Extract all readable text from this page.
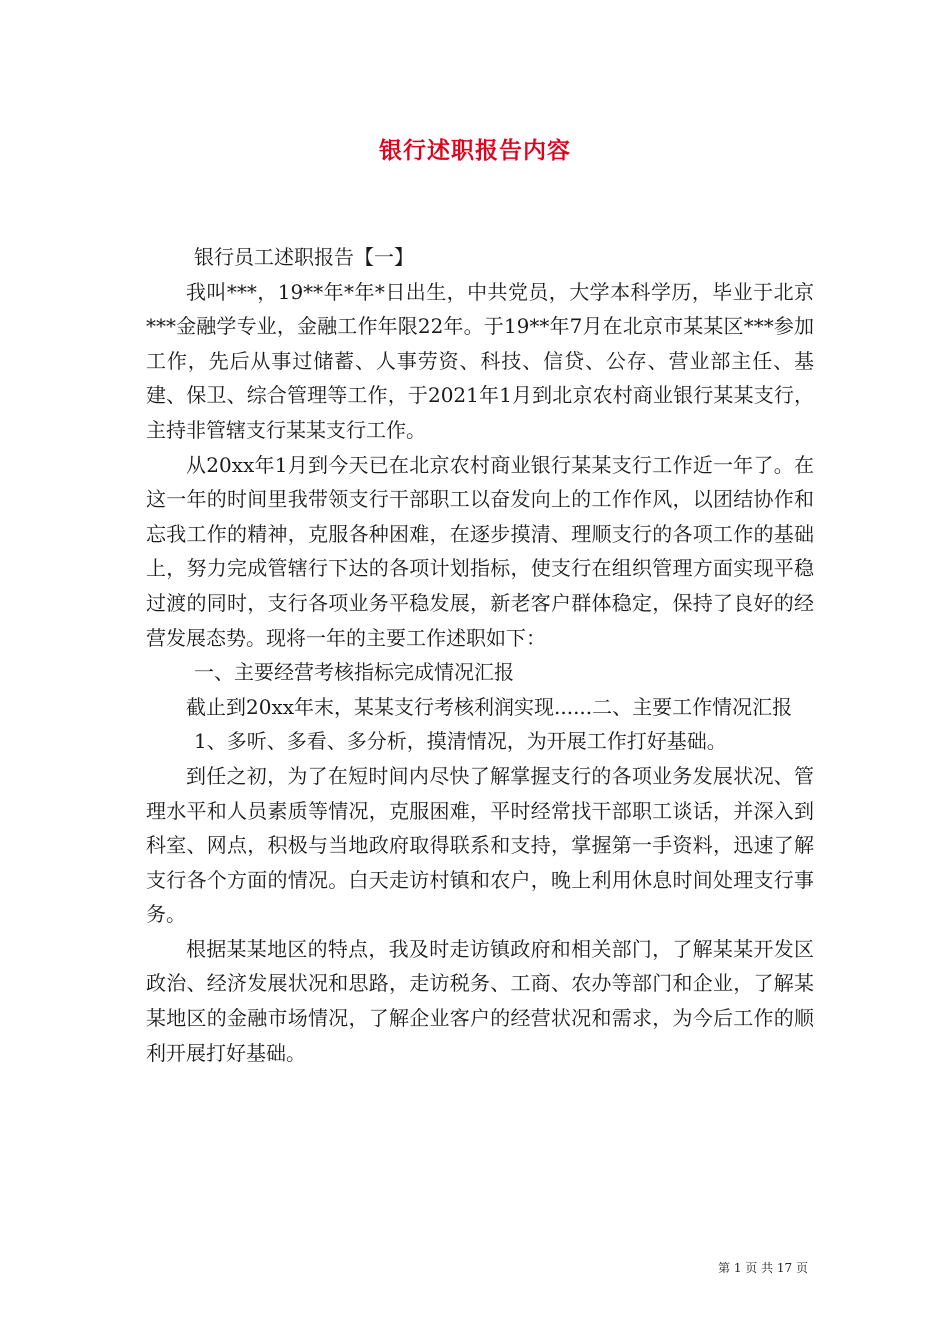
银行述职报告内容

银行员工述职报告【一】

我叫***，19**年*年*日出生，中共党员，大学本科学历，毕业于北京***金融学专业，金融工作年限22年。于19**年7月在北京市某某区***参加工作，先后从事过储蓄、人事劳资、科技、信贷、公存、营业部主任、基建、保卫、综合管理等工作，于2021年1月到北京农村商业银行某某支行，主持非管辖支行某某支行工作。

从20xx年1月到今天已在北京农村商业银行某某支行工作近一年了。在这一年的时间里我带领支行干部职工以奋发向上的工作作风，以团结协作和忘我工作的精神，克服各种困难，在逐步摸清、理顺支行的各项工作的基础上，努力完成管辖行下达的各项计划指标，使支行在组织管理方面实现平稳过渡的同时，支行各项业务平稳发展，新老客户群体稳定，保持了良好的经营发展态势。现将一年的主要工作述职如下：

一、主要经营考核指标完成情况汇报

截止到20xx年末，某某支行考核利润实现......二、主要工作情况汇报

1、多听、多看、多分析，摸清情况，为开展工作打好基础。

到任之初，为了在短时间内尽快了解掌握支行的各项业务发展状况、管理水平和人员素质等情况，克服困难，平时经常找干部职工谈话，并深入到科室、网点，积极与当地政府取得联系和支持，掌握第一手资料，迅速了解支行各个方面的情况。白天走访村镇和农户，晚上利用休息时间处理支行事务。

根据某某地区的特点，我及时走访镇政府和相关部门，了解某某开发区政治、经济发展状况和思路，走访税务、工商、农办等部门和企业，了解某某地区的金融市场情况，了解企业客户的经营状况和需求，为今后工作的顺利开展打好基础。

第 1 页 共 17 页
